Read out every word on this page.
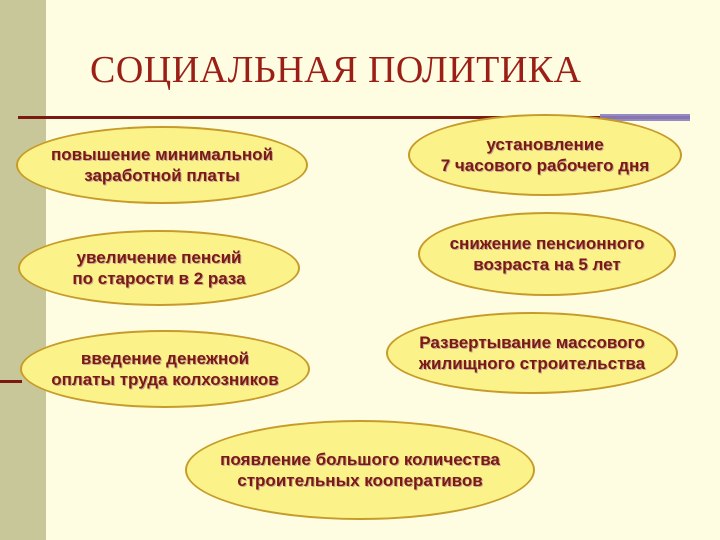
СОЦИАЛЬНАЯ ПОЛИТИКА
повышение минимальной
заработной платы
увеличение пенсий
по старости в 2 раза
введение денежной
оплаты труда колхозников
установление
7 часового рабочего дня
снижение пенсионного
возраста на 5 лет
Развертывание массового
жилищного строительства
появление большого количества
строительных кооперативов
